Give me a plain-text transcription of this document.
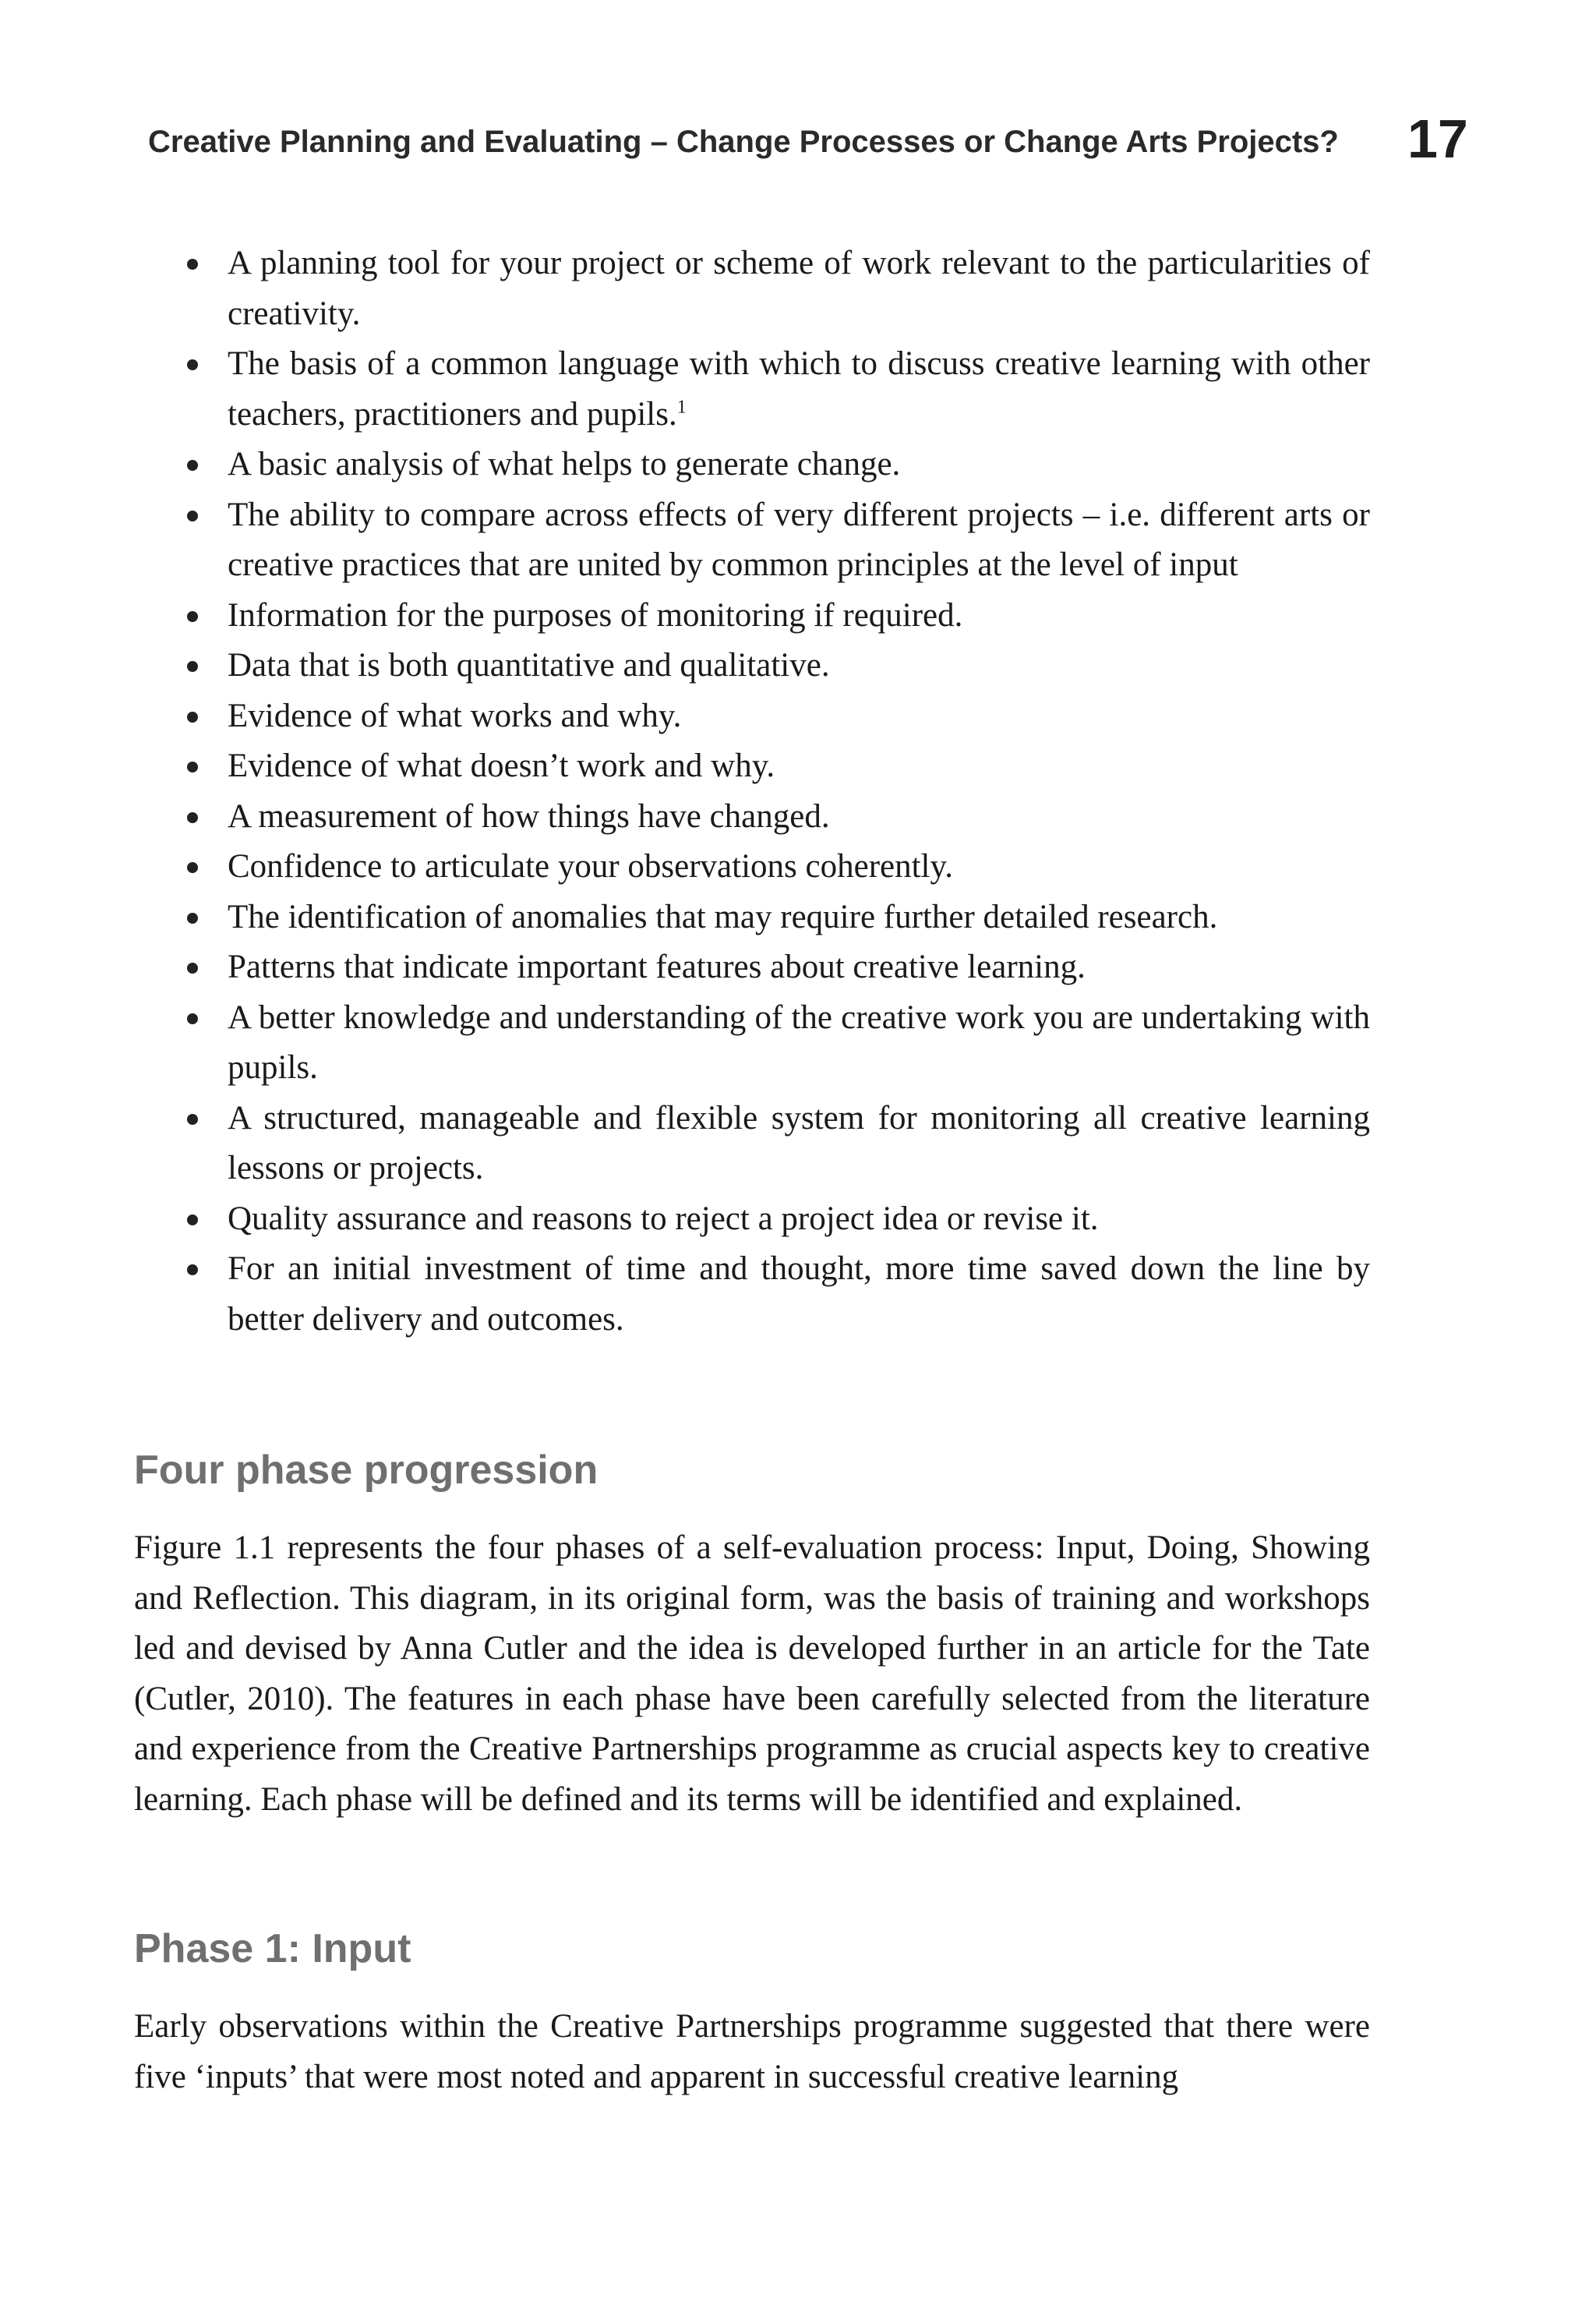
Creative Planning and Evaluating – Change Processes or Change Arts Projects?	17
A planning tool for your project or scheme of work relevant to the particularities of creativity.
The basis of a common language with which to discuss creative learning with other teachers, practitioners and pupils.$^1$
A basic analysis of what helps to generate change.
The ability to compare across effects of very different projects – i.e. different arts or creative practices that are united by common principles at the level of input
Information for the purposes of monitoring if required.
Data that is both quantitative and qualitative.
Evidence of what works and why.
Evidence of what doesn’t work and why.
A measurement of how things have changed.
Confidence to articulate your observations coherently.
The identification of anomalies that may require further detailed research.
Patterns that indicate important features about creative learning.
A better knowledge and understanding of the creative work you are undertaking with pupils.
A structured, manageable and flexible system for monitoring all creative learning lessons or projects.
Quality assurance and reasons to reject a project idea or revise it.
For an initial investment of time and thought, more time saved down the line by better delivery and outcomes.
Four phase progression

Figure 1.1 represents the four phases of a self-evaluation process: Input, Doing, Showing and Reflection. This diagram, in its original form, was the basis of training and workshops led and devised by Anna Cutler and the idea is developed further in an article for the Tate (Cutler, 2010). The features in each phase have been carefully selected from the literature and experience from the Creative Partnerships programme as crucial aspects key to creative learning. Each phase will be defined and its terms will be identified and explained.

Phase 1: Input

Early observations within the Creative Partnerships programme suggested that there were five ‘inputs’ that were most noted and apparent in successful creative learning
